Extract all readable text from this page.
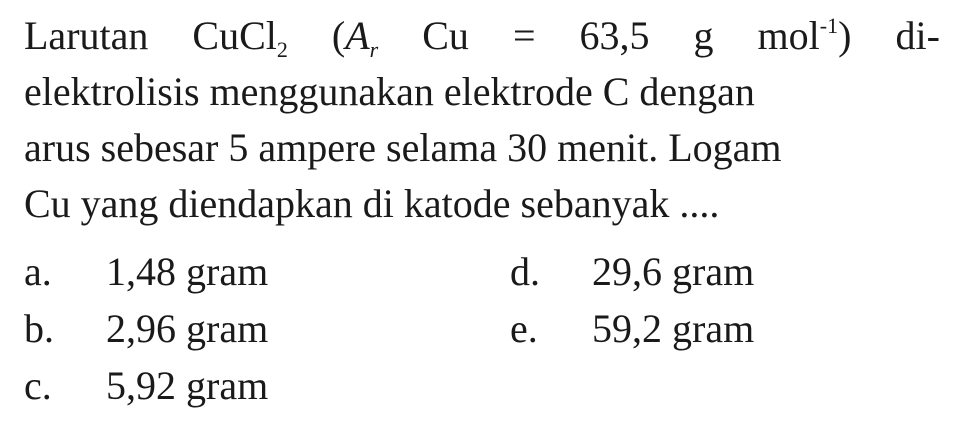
Larutan CuCl$_2$ ($A_r$ Cu = 63,5 g mol$^{-1}$) di-
elektrolisis menggunakan elektrode C dengan
arus sebesar 5 ampere selama 30 menit. Logam
Cu yang diendapkan di katode sebanyak ....
a. 1,48 gram
b. 2,96 gram
c. 5,92 gram
d. 29,6 gram
e. 59,2 gram
